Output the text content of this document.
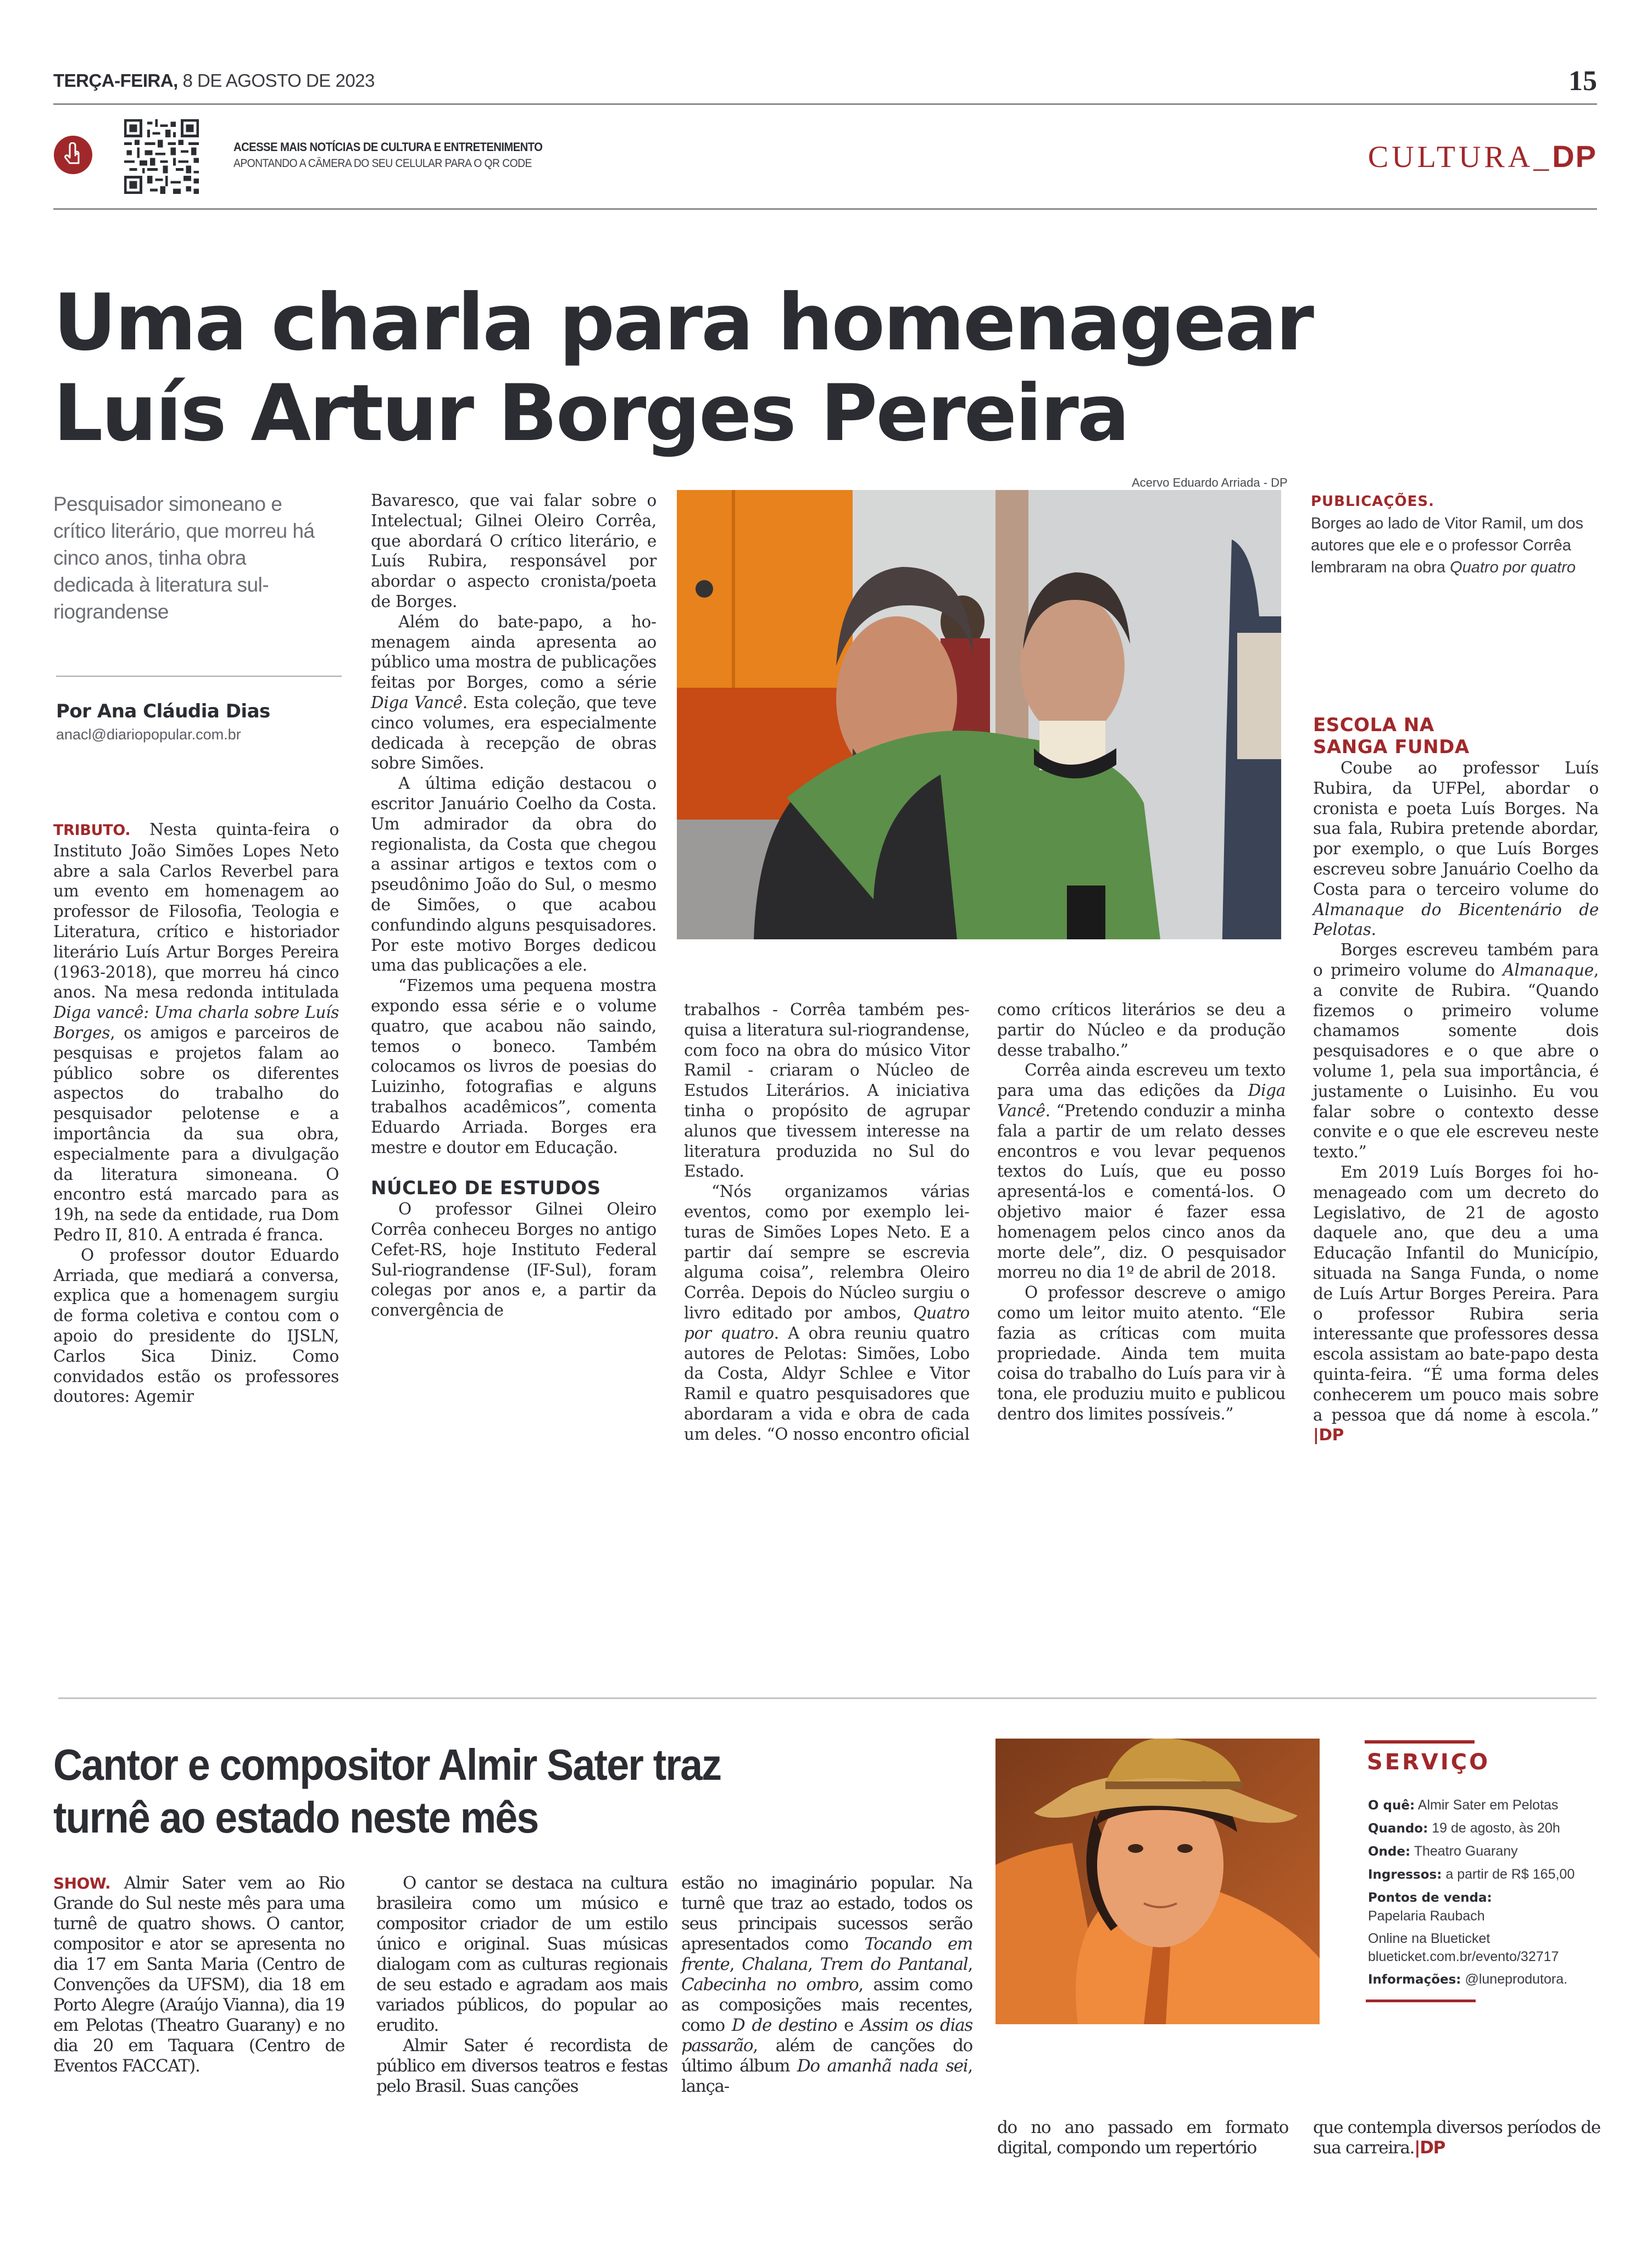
TERÇA-FEIRA, 8 DE AGOSTO DE 2023	15
ACESSE MAIS NOTÍCIAS DE CULTURA E ENTRETENIMENTO
APONTANDO A CÂMERA DO SEU CELULAR PARA O QR CODE	CULTURA_DP
Uma charla para homenagear
Luís Artur Borges Pereira
Pesquisador simoneano e crítico literário, que morreu há cinco anos, tinha obra dedicada à literatura sul-riograndense
Por Ana Cláudia Dias
anacl@diariopopular.com.br

TRIBUTO. Nesta quinta-feira o Instituto João Simões Lopes Neto abre a sala Carlos Reverbel para um evento em homenagem ao professor de Filosofia, Teologia e Literatura, crítico e historiador literário Luís Artur Borges Pereira (1963-2018), que morreu há cinco anos. Na mesa redonda intitulada Diga vancê: Uma charla sobre Luís Borges, os amigos e parceiros de pesquisas e projetos falam ao público sobre os diferentes aspectos do trabalho do pesquisador pelotense e a importância da sua obra, especialmente para a divulgação da literatura simoneana. O encontro está marcado para as 19h, na sede da entidade, rua Dom Pedro II, 810. A entrada é franca.

O professor doutor Eduardo Arriada, que mediará a conversa, explica que a homenagem surgiu de forma coletiva e contou com o apoio do presidente do IJSLN, Carlos Sica Diniz. Como convidados estão os professores doutores: Agemir

Bavaresco, que vai falar sobre o Intelectual; Gilnei Oleiro Corrêa, que abordará O crítico literário, e Luís Rubira, responsável por abordar o aspecto cronista/poeta de Borges.

Além do bate-papo, a homenagem ainda apresenta ao público uma mostra de publicações feitas por Borges, como a série Diga Vancê. Esta coleção, que teve cinco volumes, era especialmente dedicada à recepção de obras sobre Simões.

A última edição destacou o escritor Januário Coelho da Costa. Um admirador da obra do regionalista, da Costa que chegou a assinar artigos e textos com o pseudônimo João do Sul, o mesmo de Simões, o que acabou confundindo alguns pesquisadores. Por este motivo Borges dedicou uma das publicações a ele.

“Fizemos uma pequena mostra expondo essa série e o volume quatro, que acabou não saindo, temos o boneco. Também colocamos os livros de poesias do Luizinho, fotografias e alguns trabalhos acadêmicos”, comenta Eduardo Arriada. Borges era mestre e doutor em Educação.

NÚCLEO DE ESTUDOS

O professor Gilnei Oleiro Corrêa conheceu Borges no antigo Cefet-RS, hoje Instituto Federal Sul-riograndense (IF-Sul), foram colegas por anos e, a partir da convergência de

Acervo Eduardo Arriada - DP
PUBLICAÇÕES.
Borges ao lado de Vitor Ramil, um dos autores que ele e o professor Corrêa lembraram na obra Quatro por quatro

trabalhos - Corrêa também pesquisa a literatura sul-riograndense, com foco na obra do músico Vitor Ramil - criaram o Núcleo de Estudos Literários. A iniciativa tinha o propósito de agrupar alunos que tivessem interesse na literatura produzida no Sul do Estado.

“Nós organizamos várias eventos, como por exemplo leituras de Simões Lopes Neto. E a partir daí sempre se escrevia alguma coisa”, relembra Oleiro Corrêa. Depois do Núcleo surgiu o livro editado por ambos, Quatro por quatro. A obra reuniu quatro autores de Pelotas: Simões, Lobo da Costa, Aldyr Schlee e Vitor Ramil e quatro pesquisadores que abordaram a vida e obra de cada um deles. “O nosso encontro oficial

como críticos literários se deu a partir do Núcleo e da produção desse trabalho.”

Corrêa ainda escreveu um texto para uma das edições da Diga Vancê. “Pretendo conduzir a minha fala a partir de um relato desses encontros e vou levar pequenos textos do Luís, que eu posso apresentá-los e comentá-los. O objetivo maior é fazer essa homenagem pelos cinco anos da morte dele”, diz. O pesquisador morreu no dia 1º de abril de 2018.

O professor descreve o amigo como um leitor muito atento. “Ele fazia as críticas com muita propriedade. Ainda tem muita coisa do trabalho do Luís para vir à tona, ele produziu muito e publicou dentro dos limites possíveis.”

ESCOLA NA
SANGA FUNDA

Coube ao professor Luís Rubira, da UFPel, abordar o cronista e poeta Luís Borges. Na sua fala, Rubira pretende abordar, por exemplo, o que Luís Borges escreveu sobre Januário Coelho da Costa para o terceiro volume do Almanaque do Bicentenário de Pelotas.

Borges escreveu também para o primeiro volume do Almanaque, a convite de Rubira. “Quando fizemos o primeiro volume chamamos somente dois pesquisadores e o que abre o volume 1, pela sua importância, é justamente o Luisinho. Eu vou falar sobre o contexto desse convite e o que ele escreveu neste texto.”

Em 2019 Luís Borges foi homenageado com um decreto do Legislativo, de 21 de agosto daquele ano, que deu a uma Educação Infantil do Município, situada na Sanga Funda, o nome de Luís Artur Borges Pereira. Para o professor Rubira seria interessante que professores dessa escola assistam ao bate-papo desta quinta-feira. “É uma forma deles conhecerem um pouco mais sobre a pessoa que dá nome à escola.” |DP

Cantor e compositor Almir Sater traz
turnê ao estado neste mês

SHOW. Almir Sater vem ao Rio Grande do Sul neste mês para uma turnê de quatro shows. O cantor, compositor e ator se apresenta no dia 17 em Santa Maria (Centro de Convenções da UFSM), dia 18 em Porto Alegre (Araújo Vianna), dia 19 em Pelotas (Theatro Guarany) e no dia 20 em Taquara (Centro de Eventos FACCAT).

O cantor se destaca na cultura brasileira como um músico e compositor criador de um estilo único e original. Suas músicas dialogam com as culturas regionais de seu estado e agradam aos mais variados públicos, do popular ao erudito.

Almir Sater é recordista de público em diversos teatros e festas pelo Brasil. Suas canções

estão no imaginário popular. Na turnê que traz ao estado, todos os seus principais sucessos serão apresentados como Tocando em frente, Chalana, Trem do Pantanal, Cabecinha no ombro, assim como as composições mais recentes, como D de destino e Assim os dias passarão, além de canções do último álbum Do amanhã nada sei, lança-

SERVIÇO
O quê: Almir Sater em Pelotas
Quando: 19 de agosto, às 20h
Onde: Theatro Guarany
Ingressos: a partir de R$ 165,00
Pontos de venda:
Papelaria Raubach
Online na Blueticket
blueticket.com.br/evento/32717
Informações: @luneprodutora.

do no ano passado em formato digital, compondo um repertório

que contempla diversos períodos de sua carreira.|DP
